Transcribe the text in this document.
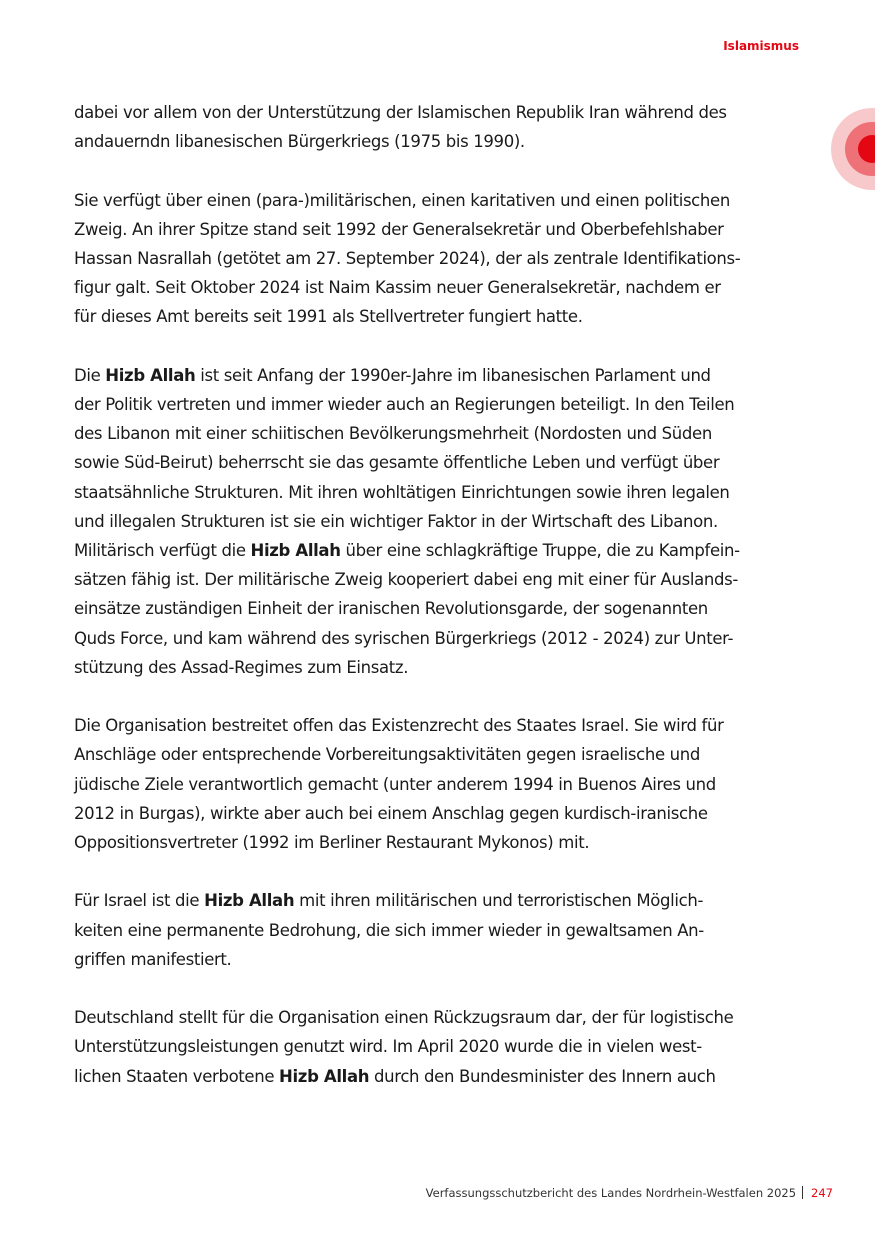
Islamismus
dabei vor allem von der Unterstützung der Islamischen Republik Iran während des
andauerndn libanesischen Bürgerkriegs (1975 bis 1990).
Sie verfügt über einen (para-)militärischen, einen karitativen und einen politischen
Zweig. An ihrer Spitze stand seit 1992 der Generalsekretär und Oberbefehlshaber
Hassan Nasrallah (getötet am 27. September 2024), der als zentrale Identifikations-
figur galt. Seit Oktober 2024 ist Naim Kassim neuer Generalsekretär, nachdem er
für dieses Amt bereits seit 1991 als Stellvertreter fungiert hatte.
Die Hizb Allah ist seit Anfang der 1990er-Jahre im libanesischen Parlament und
der Politik vertreten und immer wieder auch an Regierungen beteiligt. In den Teilen
des Libanon mit einer schiitischen Bevölkerungsmehrheit (Nordosten und Süden
sowie Süd-Beirut) beherrscht sie das gesamte öffentliche Leben und verfügt über
staatsähnliche Strukturen. Mit ihren wohltätigen Einrichtungen sowie ihren legalen
und illegalen Strukturen ist sie ein wichtiger Faktor in der Wirtschaft des Libanon.
Militärisch verfügt die Hizb Allah über eine schlagkräftige Truppe, die zu Kampfein-
sätzen fähig ist. Der militärische Zweig kooperiert dabei eng mit einer für Auslands-
einsätze zuständigen Einheit der iranischen Revolutionsgarde, der sogenannten
Quds Force, und kam während des syrischen Bürgerkriegs (2012 - 2024) zur Unter-
stützung des Assad-Regimes zum Einsatz.
Die Organisation bestreitet offen das Existenzrecht des Staates Israel. Sie wird für
Anschläge oder entsprechende Vorbereitungsaktivitäten gegen israelische und
jüdische Ziele verantwortlich gemacht (unter anderem 1994 in Buenos Aires und
2012 in Burgas), wirkte aber auch bei einem Anschlag gegen kurdisch-iranische
Oppositionsvertreter (1992 im Berliner Restaurant Mykonos) mit.
Für Israel ist die Hizb Allah mit ihren militärischen und terroristischen Möglich-
keiten eine permanente Bedrohung, die sich immer wieder in gewaltsamen An-
griffen manifestiert.
Deutschland stellt für die Organisation einen Rückzugsraum dar, der für logistische
Unterstützungsleistungen genutzt wird. Im April 2020 wurde die in vielen west-
lichen Staaten verbotene Hizb Allah durch den Bundesminister des Innern auch
Verfassungsschutzbericht des Landes Nordrhein-Westfalen 2025 247
